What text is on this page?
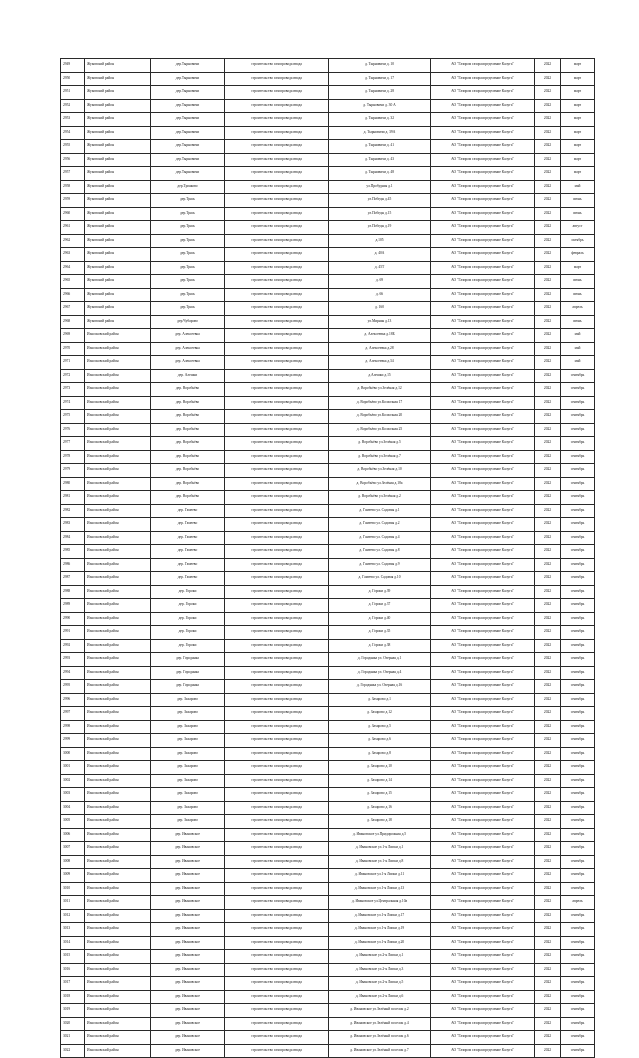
2949	Жуковский район	дер.Тырновичи	строительство газопровода ввода	д. Тырновичи д. 10	АО "Газпром газораспределение Калуга"	2022	март
2950	Жуковский район	дер.Тырновичи	строительство газопровода ввода	д. Тырновичи д. 17	АО "Газпром газораспределение Калуга"	2022	март
2951	Жуковский район	дер.Тырновичи	строительство газопровода ввода	д. Тырновичи д. 28	АО "Газпром газораспределение Калуга"	2022	март
2952	Жуковский район	дер.Тырновичи	строительство газопровода ввода	д. Тырновичи д. 30 А	АО "Газпром газораспределение Калуга"	2022	март
2953	Жуковский район	дер.Тырновичи	строительство газопровода ввода	д. Тырновичи д. 32	АО "Газпром газораспределение Калуга"	2022	март
2954	Жуковский район	дер.Тырновичи	строительство газопровода ввода	д. Тырновичи д. 39А	АО "Газпром газораспределение Калуга"	2022	март
2955	Жуковский район	дер.Тырновичи	строительство газопровода ввода	д. Тырновичи д. 41	АО "Газпром газораспределение Калуга"	2022	март
2956	Жуковский район	дер.Тырновичи	строительство газопровода ввода	д. Тырновичи д. 43	АО "Газпром газораспределение Калуга"	2022	март
2957	Жуковский район	дер.Тырновичи	строительство газопровода ввода	д. Тырновичи д. 48	АО "Газпром газораспределение Калуга"	2022	март
2958	Жуковский район	дер.Трояково	строительство газопровода ввода	ул.Пробудная д.1	АО "Газпром газораспределение Калуга"	2022	май
2959	Жуковский район	дер.Трясь	строительство газопровода ввода	ул.Победы д.45	АО "Газпром газораспределение Калуга"	2022	июнь
2960	Жуковский район	дер.Трясь	строительство газопровода ввода	ул.Победы д.15	АО "Газпром газораспределение Калуга"	2022	июнь
2961	Жуковский район	дер.Трясь	строительство газопровода ввода	ул.Победы д.19	АО "Газпром газораспределение Калуга"	2022	август
2962	Жуковский район	дер.Трясь	строительство газопровода ввода	д.105	АО "Газпром газораспределение Калуга"	2022	октябрь
2963	Жуковский район	дер.Трясь	строительство газопровода ввода	д. 40А	АО "Газпром газораспределение Калуга"	2022	февраль
2964	Жуковский район	дер.Трясь	строительство газопровода ввода	д. 45Т	АО "Газпром газораспределение Калуга"	2022	март
2965	Жуковский район	дер.Трясь	строительство газопровода ввода	д. 69	АО "Газпром газораспределение Калуга"	2022	июнь
2966	Жуковский район	дер.Трясь	строительство газопровода ввода	д. 66	АО "Газпром газораспределение Калуга"	2022	июнь
2967	Жуковский район	дер.Трясь	строительство газопровода ввода	д. 160	АО "Газпром газораспределение Калуга"	2022	апрель
2968	Жуковский район	дер.Чубарово	строительство газопровода ввода	ул.Мирная д.13	АО "Газпром газораспределение Калуга"	2022	июнь
2969	Износковский район	дер. Алексеевка	строительство газопровода ввода	д. Алексеевка д.18Б	АО "Газпром газораспределение Калуга"	2022	май
2970	Износковский район	дер. Алексеевка	строительство газопровода ввода	д. Алексеевка д.28	АО "Газпром газораспределение Калуга"	2022	май
2971	Износковский район	дер. Алексеевка	строительство газопровода ввода	д. Алексеевка д.34	АО "Газпром газораспределение Калуга"	2022	май
2972	Износковский район	дер. Алешки	строительство газопровода ввода	д.Алешки д.15	АО "Газпром газораспределение Калуга"	2022	сентябрь
2973	Износковский район	дер. Воробьёво	строительство газопровода ввода	д. Воробьёво ул.Зелёная д.12	АО "Газпром газораспределение Калуга"	2022	сентябрь
2974	Износковский район	дер. Воробьёво	строительство газопровода ввода	д. Воробьёво ул.Колхозная 17	АО "Газпром газораспределение Калуга"	2022	сентябрь
2975	Износковский район	дер. Воробьёво	строительство газопровода ввода	д. Воробьёво ул.Колхозная 20	АО "Газпром газораспределение Калуга"	2022	сентябрь
2976	Износковский район	дер. Воробьёво	строительство газопровода ввода	д. Воробьёво ул.Колхозная 25	АО "Газпром газораспределение Калуга"	2022	сентябрь
2977	Износковский район	дер. Воробьёво	строительство газопровода ввода	д. Воробьёво ул.Зелёная д.5	АО "Газпром газораспределение Калуга"	2022	сентябрь
2978	Износковский район	дер. Воробьёво	строительство газопровода ввода	д. Воробьёво ул.Зелёная д.7	АО "Газпром газораспределение Калуга"	2022	сентябрь
2979	Износковский район	дер. Воробьёво	строительство газопровода ввода	д. Воробьёво ул.Зелёная д.10	АО "Газпром газораспределение Калуга"	2022	сентябрь
2980	Износковский район	дер. Воробьёво	строительство газопровода ввода	д. Воробьёво ул.Зелёная д.18а	АО "Газпром газораспределение Калуга"	2022	сентябрь
2981	Износковский район	дер. Воробьёво	строительство газопровода ввода	д. Воробьёво ул.Зелёная д.2	АО "Газпром газораспределение Калуга"	2022	сентябрь
2982	Износковский район	дер. Гамеево	строительство газопровода ввода	д. Гамеево ул. Садовая д.1	АО "Газпром газораспределение Калуга"	2022	сентябрь
2983	Износковский район	дер. Гамеево	строительство газопровода ввода	д. Гамеево ул. Садовая д.2	АО "Газпром газораспределение Калуга"	2022	сентябрь
2984	Износковский район	дер. Гамеево	строительство газопровода ввода	д. Гамеево ул. Садовая д.4	АО "Газпром газораспределение Калуга"	2022	сентябрь
2985	Износковский район	дер. Гамеево	строительство газопровода ввода	д. Гамеево ул. Садовая д.8	АО "Газпром газораспределение Калуга"	2022	сентябрь
2986	Износковский район	дер. Гамеево	строительство газопровода ввода	д. Гамеево ул. Садовая д.9	АО "Газпром газораспределение Калуга"	2022	сентябрь
2987	Износковский район	дер. Гамеево	строительство газопровода ввода	д. Гамеево ул. Садовая д.10	АО "Газпром газораспределение Калуга"	2022	сентябрь
2988	Износковский район	дер. Гороки	строительство газопровода ввода	д. Гороки д.39	АО "Газпром газораспределение Калуга"	2022	сентябрь
2989	Износковский район	дер. Гороки	строительство газопровода ввода	д. Гороки д.37	АО "Газпром газораспределение Калуга"	2022	сентябрь
2990	Износковский район	дер. Гороки	строительство газопровода ввода	д. Гороки д.40	АО "Газпром газораспределение Калуга"	2022	сентябрь
2991	Износковский район	дер. Гороки	строительство газопровода ввода	д. Гороки д.35	АО "Газпром газораспределение Калуга"	2022	сентябрь
2992	Износковский район	дер. Гороки	строительство газопровода ввода	д. Гороки д.38	АО "Газпром газораспределение Калуга"	2022	сентябрь
2993	Износковский район	дер. Городянка	строительство газопровода ввода	д. Городянка ул. Озерная д.1	АО "Газпром газораспределение Калуга"	2022	сентябрь
2994	Износковский район	дер. Городянка	строительство газопровода ввода	д. Городянка ул. Озерная д.4	АО "Газпром газораспределение Калуга"	2022	сентябрь
2995	Износковский район	дер. Городянка	строительство газопровода ввода	д. Городянка ул. Озерная д.16	АО "Газпром газораспределение Калуга"	2022	сентябрь
2996	Износковский район	дер. Захарово	строительство газопровода ввода	д. Захарово д.1	АО "Газпром газораспределение Калуга"	2022	сентябрь
2997	Износковский район	дер. Захарово	строительство газопровода ввода	д. Захарово д.12	АО "Газпром газораспределение Калуга"	2022	сентябрь
2998	Износковский район	дер. Захарово	строительство газопровода ввода	д. Захарово д.5	АО "Газпром газораспределение Калуга"	2022	сентябрь
2999	Износковский район	дер. Захарово	строительство газопровода ввода	д. Захарово д.6	АО "Газпром газораспределение Калуга"	2022	сентябрь
3000	Износковский район	дер. Захарово	строительство газопровода ввода	д. Захарово д.8	АО "Газпром газораспределение Калуга"	2022	сентябрь
3001	Износковский район	дер. Захарово	строительство газопровода ввода	д. Захарово д.10	АО "Газпром газораспределение Калуга"	2022	сентябрь
3002	Износковский район	дер. Захарово	строительство газопровода ввода	д. Захарово д.14	АО "Газпром газораспределение Калуга"	2022	сентябрь
3003	Износковский район	дер. Захарово	строительство газопровода ввода	д. Захарово д.15	АО "Газпром газораспределение Калуга"	2022	сентябрь
3004	Износковский район	дер. Захарово	строительство газопровода ввода	д. Захарово д.16	АО "Газпром газораспределение Калуга"	2022	сентябрь
3005	Износковский район	дер. Захарово	строительство газопровода ввода	д. Захарово д.18	АО "Газпром газораспределение Калуга"	2022	сентябрь
3006	Износковский район	дер. Ивановское	строительство газопровода ввода	д. Ивановское ул.Придорожная д.5	АО "Газпром газораспределение Калуга"	2022	сентябрь
3007	Износковский район	дер. Ивановское	строительство газопровода ввода	д. Ивановское ул.1-я Липки д.1	АО "Газпром газораспределение Калуга"	2022	сентябрь
3008	Износковский район	дер. Ивановское	строительство газопровода ввода	д. Ивановское ул.1-я Липки д.8	АО "Газпром газораспределение Калуга"	2022	сентябрь
3009	Износковский район	дер. Ивановское	строительство газопровода ввода	д. Ивановское ул.1-я Липки д.11	АО "Газпром газораспределение Калуга"	2022	сентябрь
3010	Износковский район	дер. Ивановское	строительство газопровода ввода	д. Ивановское ул.1-я Липки д.13	АО "Газпром газораспределение Калуга"	2022	сентябрь
3011	Износковский район	дер. Ивановское	строительство газопровода ввода	д. Ивановское ул.Центральная д.10а	АО "Газпром газораспределение Калуга"	2022	апрель
3012	Износковский район	дер. Ивановское	строительство газопровода ввода	д. Ивановское ул.1-я Липки д.17	АО "Газпром газораспределение Калуга"	2022	сентябрь
3013	Износковский район	дер. Ивановское	строительство газопровода ввода	д. Ивановское ул.1-я Липки д.19	АО "Газпром газораспределение Калуга"	2022	сентябрь
3014	Износковский район	дер. Ивановское	строительство газопровода ввода	д. Ивановское ул.1-я Липки д.20	АО "Газпром газораспределение Калуга"	2022	сентябрь
3015	Износковский район	дер. Ивановское	строительство газопровода ввода	д. Ивановское ул.2-я Липки д.1	АО "Газпром газораспределение Калуга"	2022	сентябрь
3016	Износковский район	дер. Ивановское	строительство газопровода ввода	д. Ивановское ул.2-я Липки д.3	АО "Газпром газораспределение Калуга"	2022	сентябрь
3017	Износковский район	дер. Ивановское	строительство газопровода ввода	д. Ивановское ул.2-я Липки д.5	АО "Газпром газораспределение Калуга"	2022	сентябрь
3018	Износковский район	дер. Ивановское	строительство газопровода ввода	д. Ивановское ул.2-я Липки д.6	АО "Газпром газораспределение Калуга"	2022	сентябрь
3019	Износковский район	дер. Ивановское	строительство газопровода ввода	д. Ивановское ул.Зелёный поселок д.2	АО "Газпром газораспределение Калуга"	2022	сентябрь
3020	Износковский район	дер. Ивановское	строительство газопровода ввода	д. Ивановское ул.Зелёный поселок д.4	АО "Газпром газораспределение Калуга"	2022	сентябрь
3021	Износковский район	дер. Ивановское	строительство газопровода ввода	д. Ивановское ул.Зелёный поселок д.6	АО "Газпром газораспределение Калуга"	2022	сентябрь
3022	Износковский район	дер. Ивановское	строительство газопровода ввода	д. Ивановское ул.Зелёный поселок д.7	АО "Газпром газораспределение Калуга"	2022	сентябрь
